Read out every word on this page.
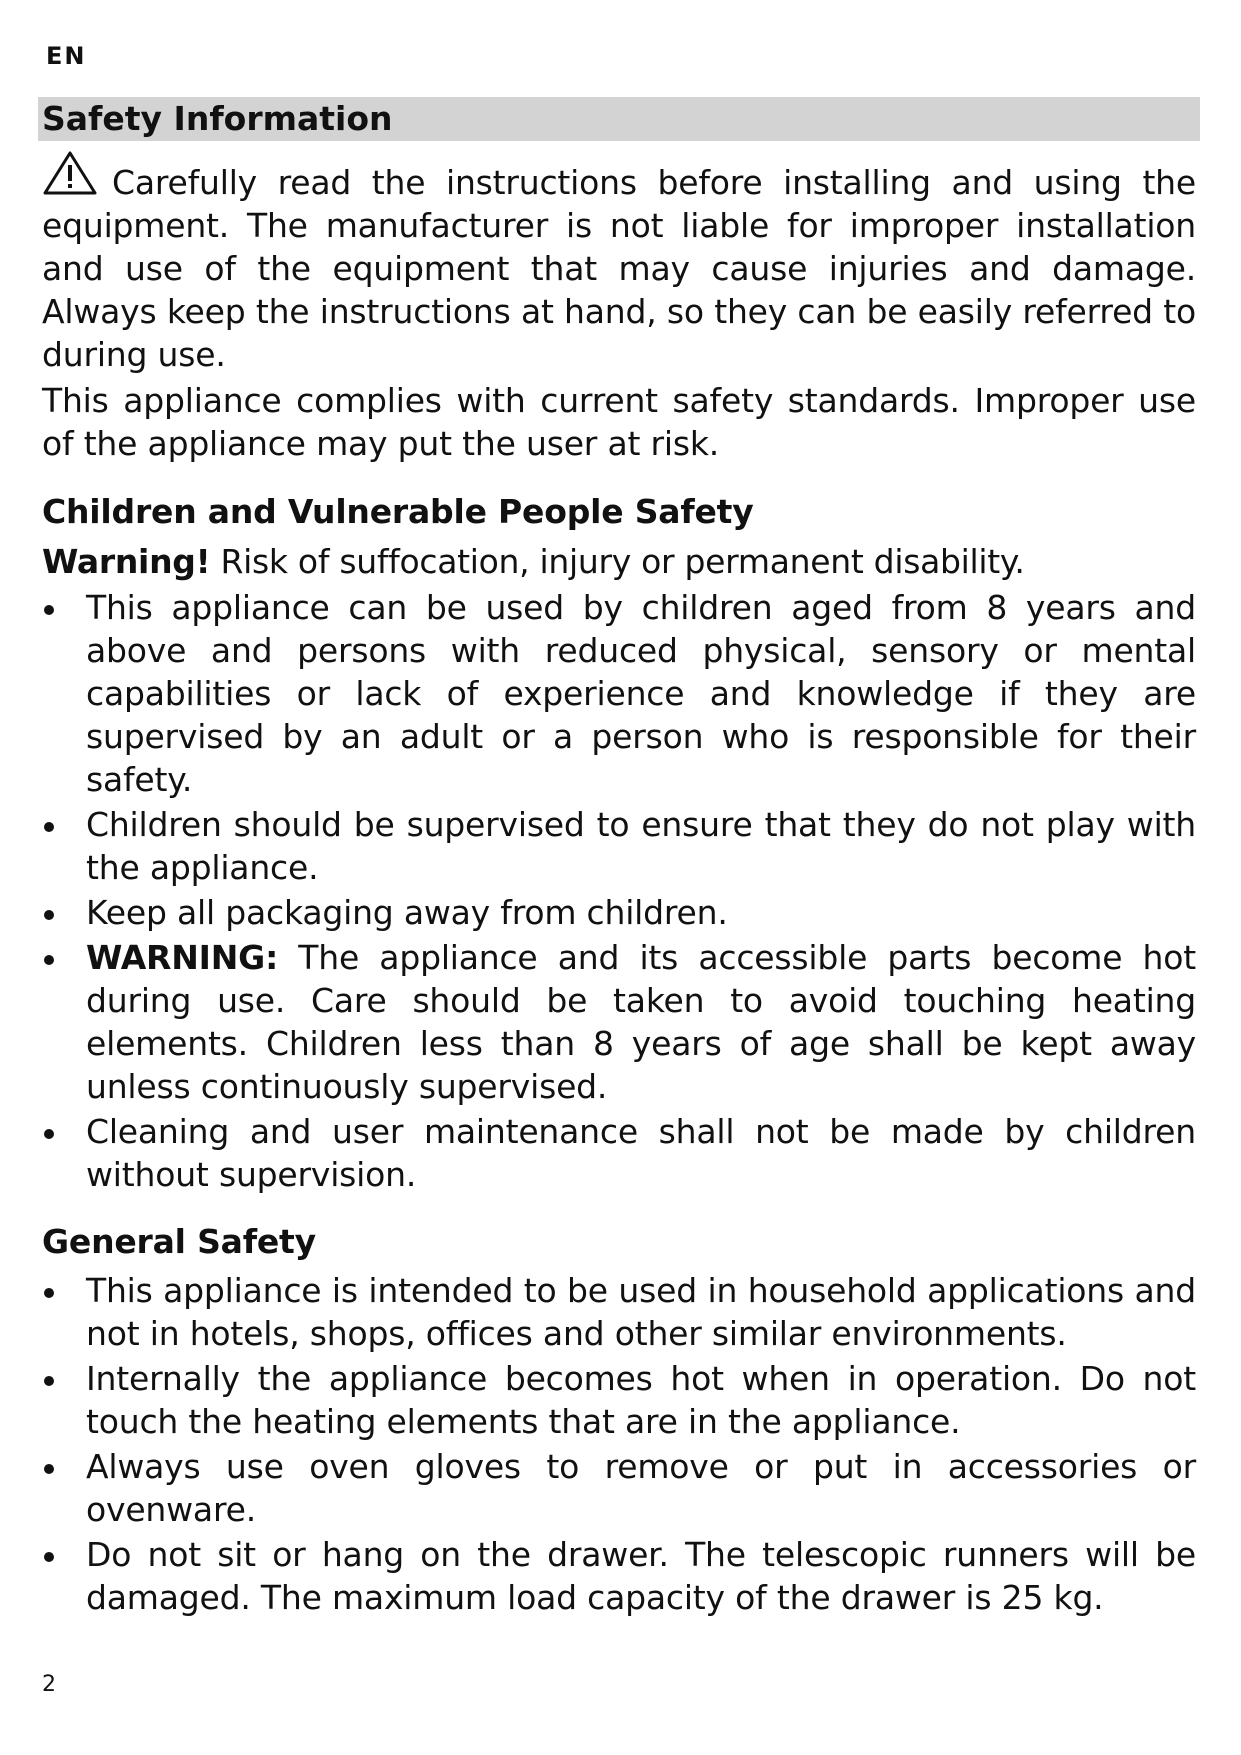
EN
Safety Information
Carefully read the instructions before installing and using the equipment. The manufacturer is not liable for improper installation and use of the equipment that may cause injuries and damage. Always keep the instructions at hand, so they can be easily referred to during use.
This appliance complies with current safety standards. Improper use of the appliance may put the user at risk.
Children and Vulnerable People Safety
Warning! Risk of suffocation, injury or permanent disability.
This appliance can be used by children aged from 8 years and above and persons with reduced physical, sensory or mental capabilities or lack of experience and knowledge if they are supervised by an adult or a person who is responsible for their safety.
Children should be supervised to ensure that they do not play with the appliance.
Keep all packaging away from children.
WARNING: The appliance and its accessible parts become hot during use. Care should be taken to avoid touching heating elements. Children less than 8 years of age shall be kept away unless continuously supervised.
Cleaning and user maintenance shall not be made by children without supervision.
General Safety
This appliance is intended to be used in household applications and not in hotels, shops, offices and other similar environments.
Internally the appliance becomes hot when in operation. Do not touch the heating elements that are in the appliance.
Always use oven gloves to remove or put in accessories or ovenware.
Do not sit or hang on the drawer. The telescopic runners will be damaged. The maximum load capacity of the drawer is 25 kg.
2
